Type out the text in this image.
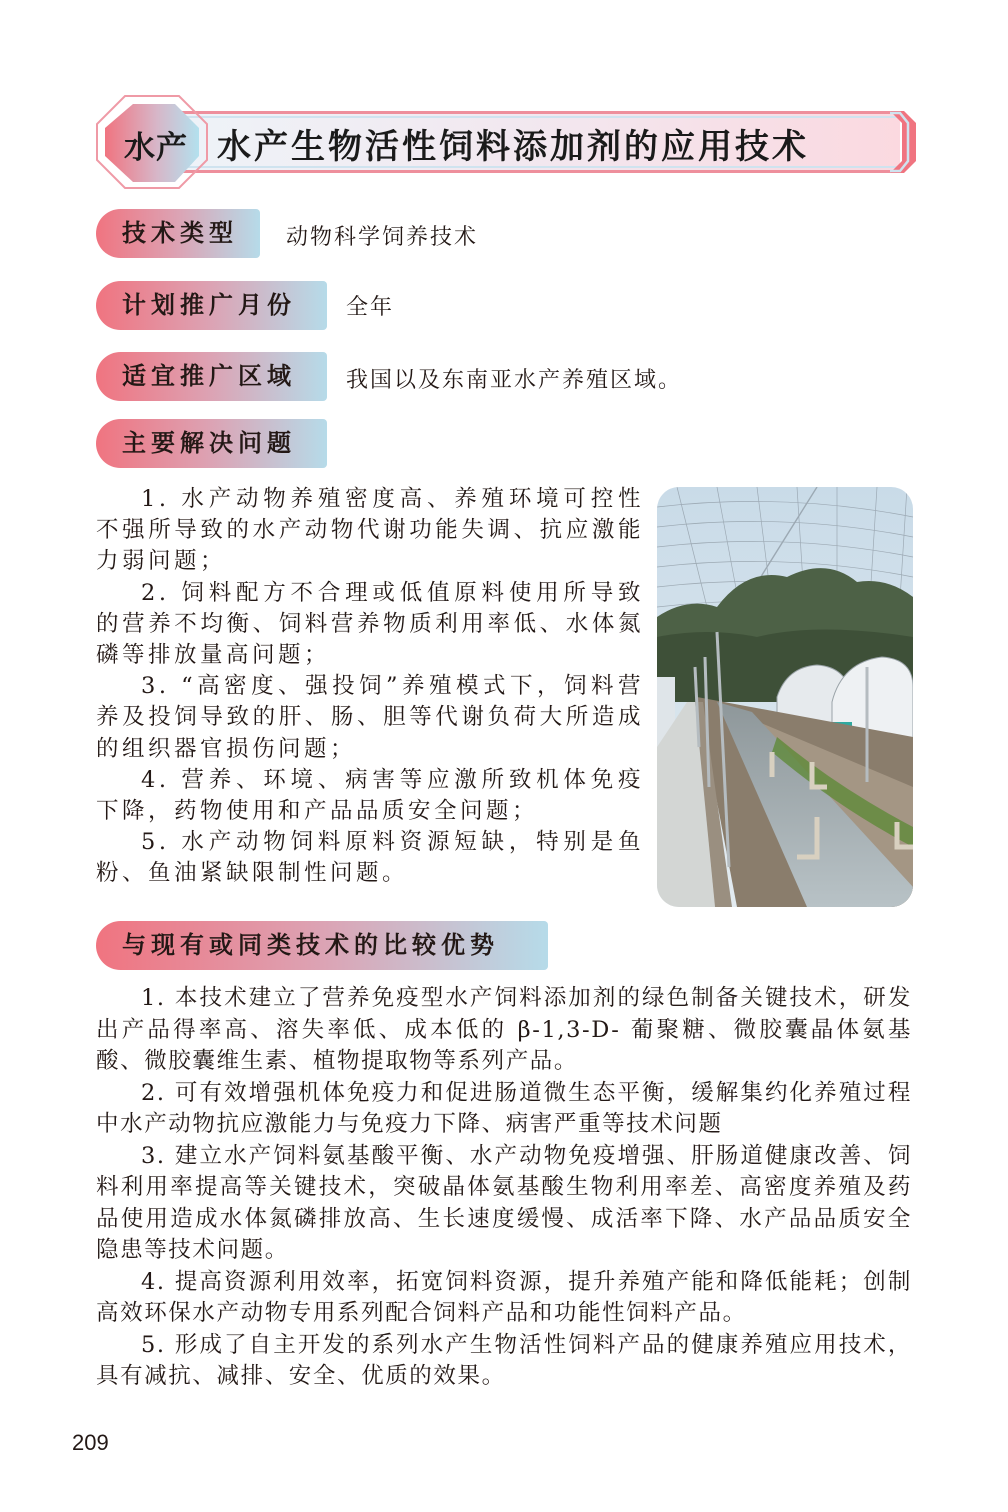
水产 水产生物活性饲料添加剂的应用技术
技术类型	动物科学饲养技术
计划推广月份	全年
适宜推广区域	我国以及东南亚水产养殖区域。
主要解决问题

1. 水产动物养殖密度高、养殖环境可控性不强所导致的水产动物代谢功能失调、抗应激能力弱问题；

2. 饲料配方不合理或低值原料使用所导致的营养不均衡、饲料营养物质利用率低、水体氮磷等排放量高问题；

3. “高密度、强投饲”养殖模式下，饲料营养及投饲导致的肝、肠、胆等代谢负荷大所造成的组织器官损伤问题；

4. 营养、环境、病害等应激所致机体免疫下降，药物使用和产品品质安全问题；

5. 水产动物饲料原料资源短缺，特别是鱼粉、鱼油紧缺限制性问题。

与现有或同类技术的比较优势

1. 本技术建立了营养免疫型水产饲料添加剂的绿色制备关键技术，研发出产品得率高、溶失率低、成本低的 β-1,3-D- 葡聚糖、微胶囊晶体氨基酸、微胶囊维生素、植物提取物等系列产品。

2. 可有效增强机体免疫力和促进肠道微生态平衡，缓解集约化养殖过程中水产动物抗应激能力与免疫力下降、病害严重等技术问题

3. 建立水产饲料氨基酸平衡、水产动物免疫增强、肝肠道健康改善、饲料利用率提高等关键技术，突破晶体氨基酸生物利用率差、高密度养殖及药品使用造成水体氮磷排放高、生长速度缓慢、成活率下降、水产品品质安全隐患等技术问题。

4. 提高资源利用效率，拓宽饲料资源，提升养殖产能和降低能耗；创制高效环保水产动物专用系列配合饲料产品和功能性饲料产品。

5. 形成了自主开发的系列水产生物活性饲料产品的健康养殖应用技术，具有减抗、减排、安全、优质的效果。

209
